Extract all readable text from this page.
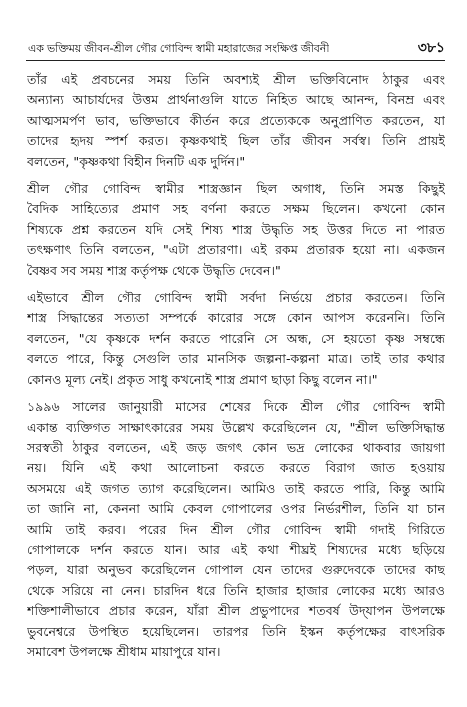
এক ভক্তিময় জীবন-শ্রীল গৌর গোবিন্দ স্বামী মহারাজের সংক্ষিপ্ত জীবনী	৩৮১
তাঁর এই প্রবচনের সময় তিনি অবশ্যই শ্রীল ভক্তিবিনোদ ঠাকুর এবং
অন্যান্য আচার্যদের উত্তম প্রার্থনাগুলি যাতে নিহিত আছে আনন্দ, বিনম্র এবং
আত্মসমর্পণ ভাব, ভক্তিভাবে কীর্তন করে প্রত্যেককে অনুপ্রাণিত করতেন, যা
তাদের হৃদয় স্পর্শ করত। কৃষ্ণকথাই ছিল তাঁর জীবন সর্বস্ব। তিনি প্রায়ই
বলতেন, "কৃষ্ণকথা বিহীন দিনটি এক দুর্দিন।"
শ্রীল গৌর গোবিন্দ স্বামীর শাস্ত্রজ্ঞান ছিল অগাধ, তিনি সমস্ত কিছুই
বৈদিক সাহিত্যের প্রমাণ সহ বর্ণনা করতে সক্ষম ছিলেন। কখনো কোন
শিষ্যকে প্রশ্ন করতেন যদি সেই শিষ্য শাস্ত্র উদ্ধৃতি সহ উত্তর দিতে না পারত
তৎক্ষণাৎ তিনি বলতেন, "এটা প্রতারণা। এই রকম প্রতারক হয়ো না। একজন
বৈষ্ণব সব সময় শাস্ত্র কর্তৃপক্ষ থেকে উদ্ধৃতি দেবেন।"
এইভাবে শ্রীল গৌর গোবিন্দ স্বামী সর্বদা নির্ভয়ে প্রচার করতেন। তিনি
শাস্ত্র সিদ্ধান্তের সত্যতা সম্পর্কে কারোর সঙ্গে কোন আপস করেননি। তিনি
বলতেন, "যে কৃষ্ণকে দর্শন করতে পারেনি সে অন্ধ, সে হয়তো কৃষ্ণ সম্বন্ধে
বলতে পারে, কিন্তু সেগুলি তার মানসিক জল্পনা-কল্পনা মাত্র। তাই তার কথার
কোনও মূল্য নেই। প্রকৃত সাধু কখনোই শাস্ত্র প্রমাণ ছাড়া কিছু বলেন না।"
১৯৯৬ সালের জানুয়ারী মাসের শেষের দিকে শ্রীল গৌর গোবিন্দ স্বামী
একান্ত ব্যক্তিগত সাক্ষাৎকারের সময় উল্লেখ করেছিলেন যে, "শ্রীল ভক্তিসিদ্ধান্ত
সরস্বতী ঠাকুর বলতেন, এই জড় জগৎ কোন ভদ্র লোকের থাকবার জায়গা
নয়। যিনি এই কথা আলোচনা করতে করতে বিরাগ জাত হওয়ায়
অসময়ে এই জগত ত্যাগ করেছিলেন। আমিও তাই করতে পারি, কিন্তু আমি
তা জানি না, কেননা আমি কেবল গোপালের ওপর নির্ভরশীল, তিনি যা চান
আমি তাই করব। পরের দিন শ্রীল গৌর গোবিন্দ স্বামী গদাই গিরিতে
গোপালকে দর্শন করতে যান। আর এই কথা শীঘ্রই শিষ্যদের মধ্যে ছড়িয়ে
পড়ল, যারা অনুভব করেছিলেন গোপাল যেন তাদের গুরুদেবকে তাদের কাছ
থেকে সরিয়ে না নেন। চারদিন ধরে তিনি হাজার হাজার লোকের মধ্যে আরও
শক্তিশালীভাবে প্রচার করেন, যাঁরা শ্রীল প্রভুপাদের শতবর্ষ উদ্‌যাপন উপলক্ষে
ভুবনেশ্বরে উপস্থিত হয়েছিলেন। তারপর তিনি ইস্কন কর্তৃপক্ষের বাৎসরিক
সমাবেশ উপলক্ষে শ্রীধাম মায়াপুরে যান।
